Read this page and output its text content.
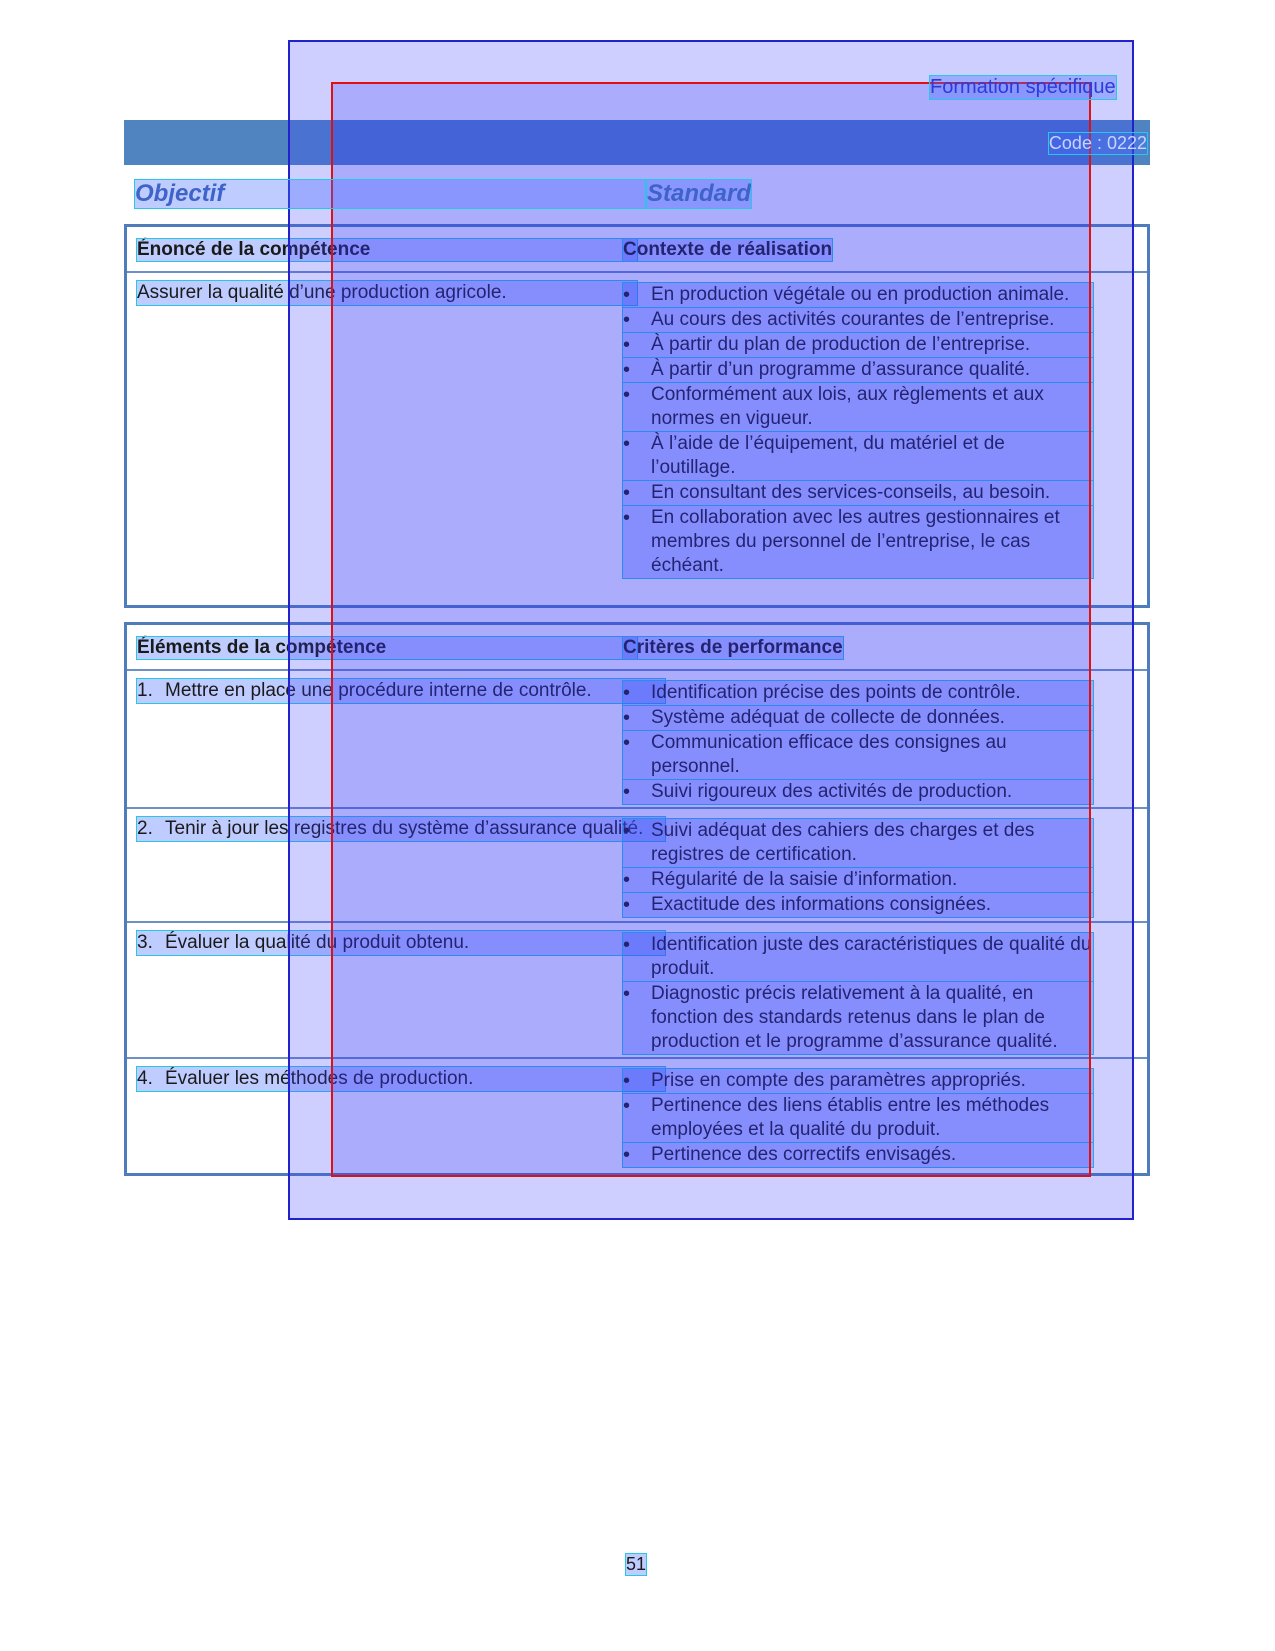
Formation spécifique
Code : 0222
Objectif	Standard
Énoncé de la compétence	Contexte de réalisation
Assurer la qualité d’une production agricole.	• En production végétale ou en production animale.
• Au cours des activités courantes de l’entreprise.
• À partir du plan de production de l’entreprise.
• À partir d’un programme d’assurance qualité.
• Conformément aux lois, aux règlements et aux normes en vigueur.
• À l’aide de l’équipement, du matériel et de l’outillage.
• En consultant des services-conseils, au besoin.
• En collaboration avec les autres gestionnaires et membres du personnel de l’entreprise, le cas échéant.
Éléments de la compétence	Critères de performance
1. Mettre en place une procédure interne de contrôle.	• Identification précise des points de contrôle.
• Système adéquat de collecte de données.
• Communication efficace des consignes au personnel.
• Suivi rigoureux des activités de production.
2. Tenir à jour les registres du système d’assurance qualité. • Suivi adéquat des cahiers des charges et des registres de certification.
• Régularité de la saisie d’information.
• Exactitude des informations consignées.
3. Évaluer la qualité du produit obtenu.	• Identification juste des caractéristiques de qualité du produit.
• Diagnostic précis relativement à la qualité, en fonction des standards retenus dans le plan de production et le programme d’assurance qualité.
4. Évaluer les méthodes de production.	• Prise en compte des paramètres appropriés.
• Pertinence des liens établis entre les méthodes employées et la qualité du produit.
• Pertinence des correctifs envisagés.
51
